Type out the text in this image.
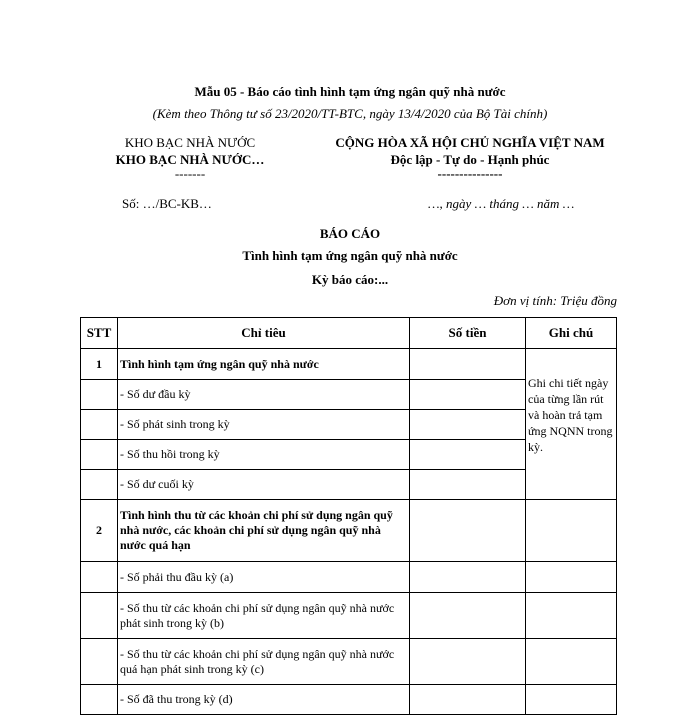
Mẫu 05 - Báo cáo tình hình tạm ứng ngân quỹ nhà nước
(Kèm theo Thông tư số 23/2020/TT-BTC, ngày 13/4/2020 của Bộ Tài chính)
KHO BẠC NHÀ NƯỚC
KHO BẠC NHÀ NƯỚC…
-------
CỘNG HÒA XÃ HỘI CHỦ NGHĨA VIỆT NAM
Độc lập - Tự do - Hạnh phúc
---------------
Số: …/BC-KB…	…, ngày … tháng … năm …
BÁO CÁO
Tình hình tạm ứng ngân quỹ nhà nước
Kỳ báo cáo:...
Đơn vị tính: Triệu đồng
STT	Chỉ tiêu	Số tiền	Ghi chú
1	Tình hình tạm ứng ngân quỹ nhà nước		Ghi chi tiết ngày của từng lần rút và hoàn trả tạm ứng NQNN trong kỳ.
	- Số dư đầu kỳ		
	- Số phát sinh trong kỳ		
	- Số thu hồi trong kỳ		
	- Số dư cuối kỳ		
2	Tình hình thu từ các khoản chi phí sử dụng ngân quỹ nhà nước, các khoản chi phí sử dụng ngân quỹ nhà nước quá hạn		
	- Số phải thu đầu kỳ (a)		
	- Số thu từ các khoản chi phí sử dụng ngân quỹ nhà nước phát sinh trong kỳ (b)		
	- Số thu từ các khoản chi phí sử dụng ngân quỹ nhà nước quá hạn phát sinh trong kỳ (c)		
	- Số đã thu trong kỳ (d)		
